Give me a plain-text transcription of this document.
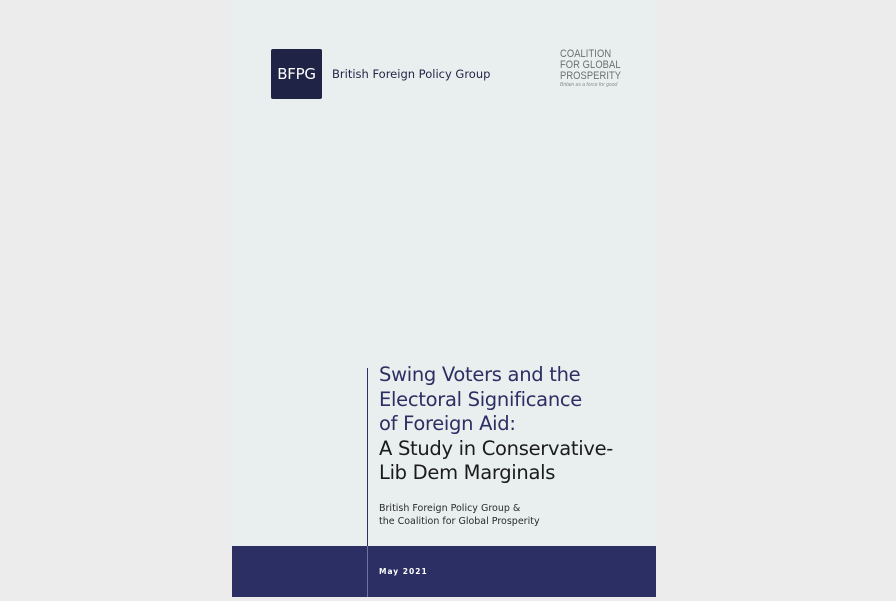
BFPG British Foreign Policy Group
COALITION
FOR GLOBAL
PROSPERITY
Britain as a force for good
Swing Voters and the
Electoral Significance
of Foreign Aid:
A Study in Conservative-
Lib Dem Marginals
British Foreign Policy Group &
the Coalition for Global Prosperity
May 2021
